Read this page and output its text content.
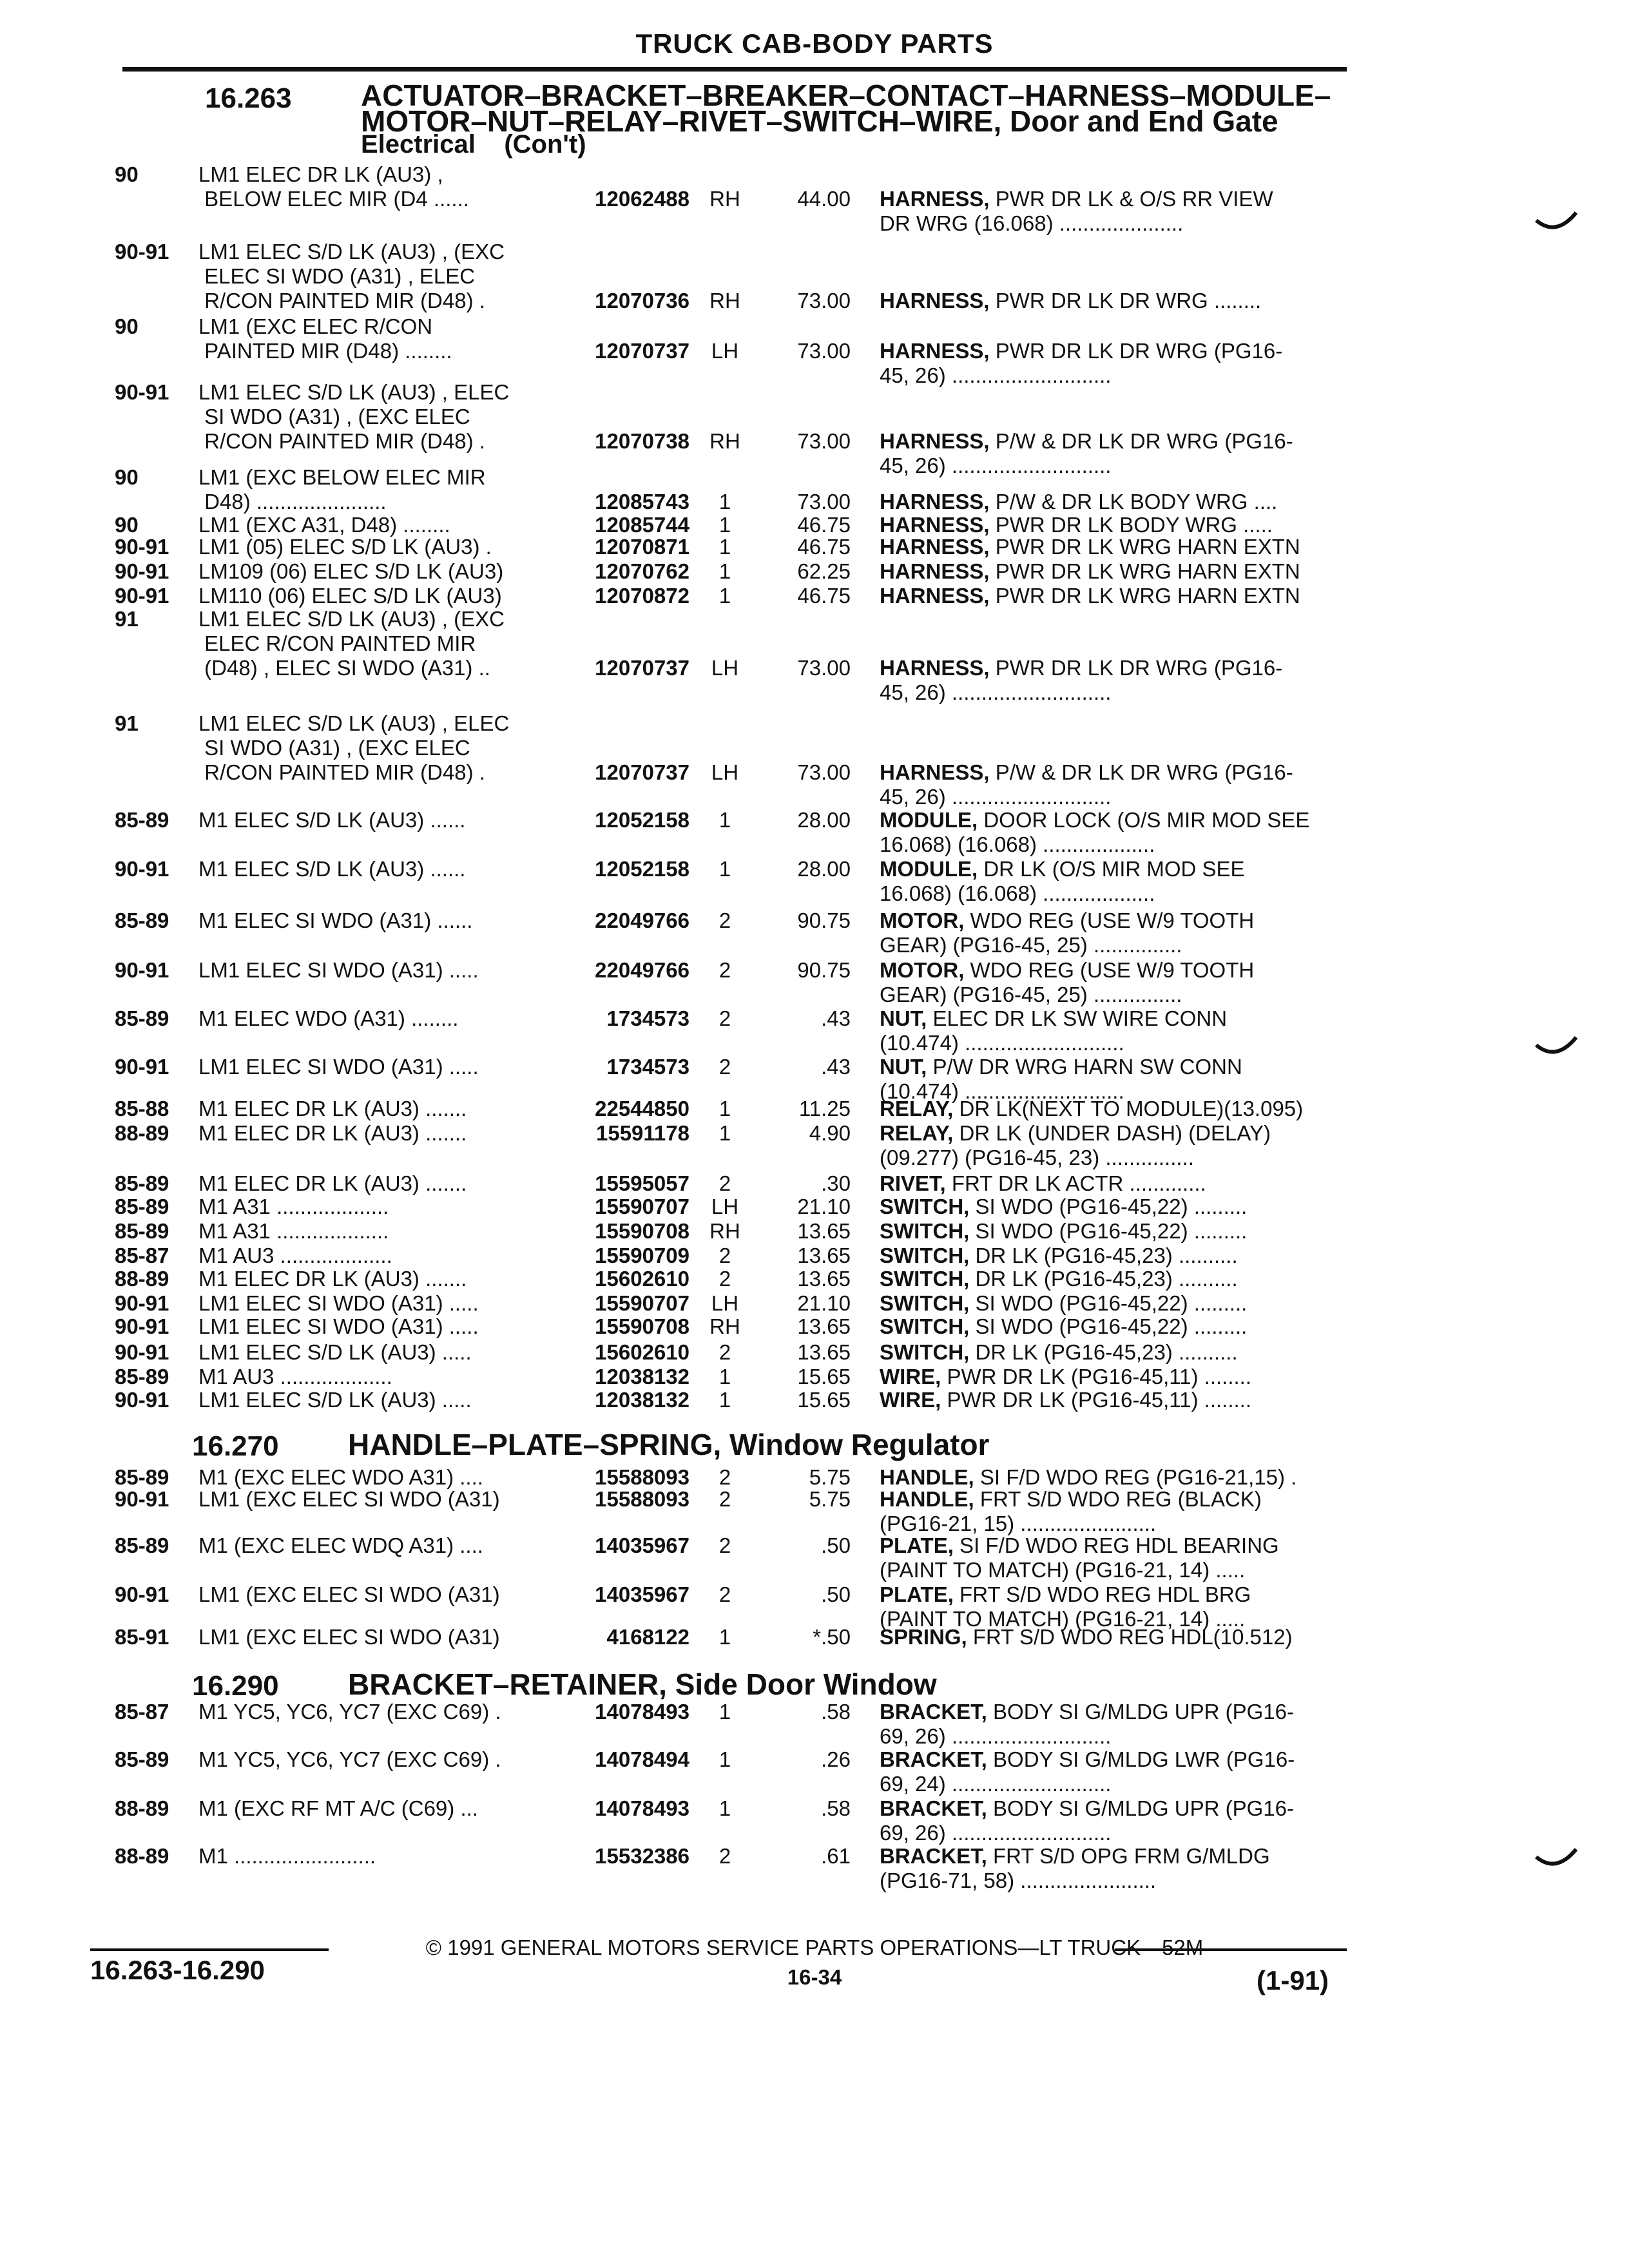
TRUCK CAB-BODY PARTS
16.263 ACTUATOR–BRACKET–BREAKER–CONTACT–HARNESS–MODULE–
MOTOR–NUT–RELAY–RIVET–SWITCH–WIRE, Door and End Gate
Electrical    (Con't)
90	LM1 ELEC DR LK (AU3) ,
BELOW ELEC MIR (D4 ......	12062488 RH	44.00 HARNESS, PWR DR LK & O/S RR VIEW
DR WRG (16.068) .....................
90-91	LM1 ELEC S/D LK (AU3) , (EXC
ELEC SI WDO (A31) , ELEC
R/CON PAINTED MIR (D48) .	12070736 RH	73.00 HARNESS, PWR DR LK DR WRG ........
90	LM1 (EXC ELEC R/CON
PAINTED MIR (D48) ........	12070737	LH	73.00 HARNESS, PWR DR LK DR WRG (PG16-
45, 26) ...........................
90-91	LM1 ELEC S/D LK (AU3) , ELEC
SI WDO (A31) , (EXC ELEC
R/CON PAINTED MIR (D48) .	12070738 RH	73.00 HARNESS, P/W & DR LK DR WRG (PG16-
45, 26) ...........................
90	LM1 (EXC BELOW ELEC MIR
D48) ......................	12085743	1	73.00 HARNESS, P/W & DR LK BODY WRG ....
90	LM1 (EXC A31, D48) ........	12085744	1	46.75 HARNESS, PWR DR LK BODY WRG .....
90-91	LM1 (05) ELEC S/D LK (AU3) .	12070871	1	46.75 HARNESS, PWR DR LK WRG HARN EXTN
90-91	LM109 (06) ELEC S/D LK (AU3)	12070762	1	62.25 HARNESS, PWR DR LK WRG HARN EXTN
90-91	LM110 (06) ELEC S/D LK (AU3)	12070872	1	46.75 HARNESS, PWR DR LK WRG HARN EXTN
91	LM1 ELEC S/D LK (AU3) , (EXC
ELEC R/CON PAINTED MIR
(D48) , ELEC SI WDO (A31) ..	12070737	LH	73.00 HARNESS, PWR DR LK DR WRG (PG16-
45, 26) ...........................
91	LM1 ELEC S/D LK (AU3) , ELEC
SI WDO (A31) , (EXC ELEC
R/CON PAINTED MIR (D48) .	12070737	LH	73.00 HARNESS, P/W & DR LK DR WRG (PG16-
45, 26) ...........................
85-89	M1 ELEC S/D LK (AU3) ......	12052158	1	28.00 MODULE, DOOR LOCK (O/S MIR MOD SEE
16.068) (16.068) ...................
90-91	M1 ELEC S/D LK (AU3) ......	12052158	1	28.00 MODULE, DR LK (O/S MIR MOD SEE
16.068) (16.068) ...................
85-89	M1 ELEC SI WDO (A31) ......	22049766	2	90.75 MOTOR, WDO REG (USE W/9 TOOTH
GEAR) (PG16-45, 25) ...............
90-91	LM1 ELEC SI WDO (A31) .....	22049766	2	90.75 MOTOR, WDO REG (USE W/9 TOOTH
GEAR) (PG16-45, 25) ...............
85-89	M1 ELEC WDO (A31) ........	1734573	2	.43 NUT, ELEC DR LK SW WIRE CONN
(10.474) ...........................
90-91	LM1 ELEC SI WDO (A31) .....	1734573	2	.43 NUT, P/W DR WRG HARN SW CONN
(10.474) ...........................
85-88	M1 ELEC DR LK (AU3) .......	22544850	1	11.25 RELAY, DR LK(NEXT TO MODULE)(13.095)
88-89	M1 ELEC DR LK (AU3) .......	15591178	1	4.90 RELAY, DR LK (UNDER DASH) (DELAY)
(09.277) (PG16-45, 23) ...............
85-89	M1 ELEC DR LK (AU3) .......	15595057	2	.30 RIVET, FRT DR LK ACTR .............
85-89	M1 A31 ...................	15590707	LH	21.10 SWITCH, SI WDO (PG16-45,22) .........
85-89	M1 A31 ...................	15590708 RH	13.65 SWITCH, SI WDO (PG16-45,22) .........
85-87	M1 AU3 ...................	15590709	2	13.65 SWITCH, DR LK (PG16-45,23) ..........
88-89	M1 ELEC DR LK (AU3) .......	15602610	2	13.65 SWITCH, DR LK (PG16-45,23) ..........
90-91	LM1 ELEC SI WDO (A31) .....	15590707	LH	21.10 SWITCH, SI WDO (PG16-45,22) .........
90-91	LM1 ELEC SI WDO (A31) .....	15590708 RH	13.65 SWITCH, SI WDO (PG16-45,22) .........
90-91	LM1 ELEC S/D LK (AU3) .....	15602610	2	13.65 SWITCH, DR LK (PG16-45,23) ..........
85-89	M1 AU3 ...................	12038132	1	15.65 WIRE, PWR DR LK (PG16-45,11) ........
90-91	LM1 ELEC S/D LK (AU3) .....	12038132	1	15.65 WIRE, PWR DR LK (PG16-45,11) ........
16.270 HANDLE–PLATE–SPRING, Window Regulator
85-89	M1 (EXC ELEC WDO A31) ....	15588093	2	5.75 HANDLE, SI F/D WDO REG (PG16-21,15) .
90-91	LM1 (EXC ELEC SI WDO (A31)	15588093	2	5.75 HANDLE, FRT S/D WDO REG (BLACK)
(PG16-21, 15) .......................
85-89	M1 (EXC ELEC WDQ A31) ....	14035967	2	.50 PLATE, SI F/D WDO REG HDL BEARING
(PAINT TO MATCH) (PG16-21, 14) .....
90-91	LM1 (EXC ELEC SI WDO (A31)	14035967	2	.50 PLATE, FRT S/D WDO REG HDL BRG
(PAINT TO MATCH) (PG16-21, 14) .....
85-91	LM1 (EXC ELEC SI WDO (A31)	4168122	1	*.50 SPRING, FRT S/D WDO REG HDL(10.512)
16.290 BRACKET–RETAINER, Side Door Window
85-87	M1 YC5, YC6, YC7 (EXC C69) .	14078493	1	.58 BRACKET, BODY SI G/MLDG UPR (PG16-
69, 26) ...........................
85-89	M1 YC5, YC6, YC7 (EXC C69) .	14078494	1	.26 BRACKET, BODY SI G/MLDG LWR (PG16-
69, 24) ...........................
88-89	M1 (EXC RF MT A/C (C69) ...	14078493	1	.58 BRACKET, BODY SI G/MLDG UPR (PG16-
69, 26) ...........................
88-89	M1 ........................	15532386	2	.61 BRACKET, FRT S/D OPG FRM G/MLDG
(PG16-71, 58) .......................
© 1991 GENERAL MOTORS SERVICE PARTS OPERATIONS—LT TRUCK—52M
16.263-16.290	16-34	(1-91)
